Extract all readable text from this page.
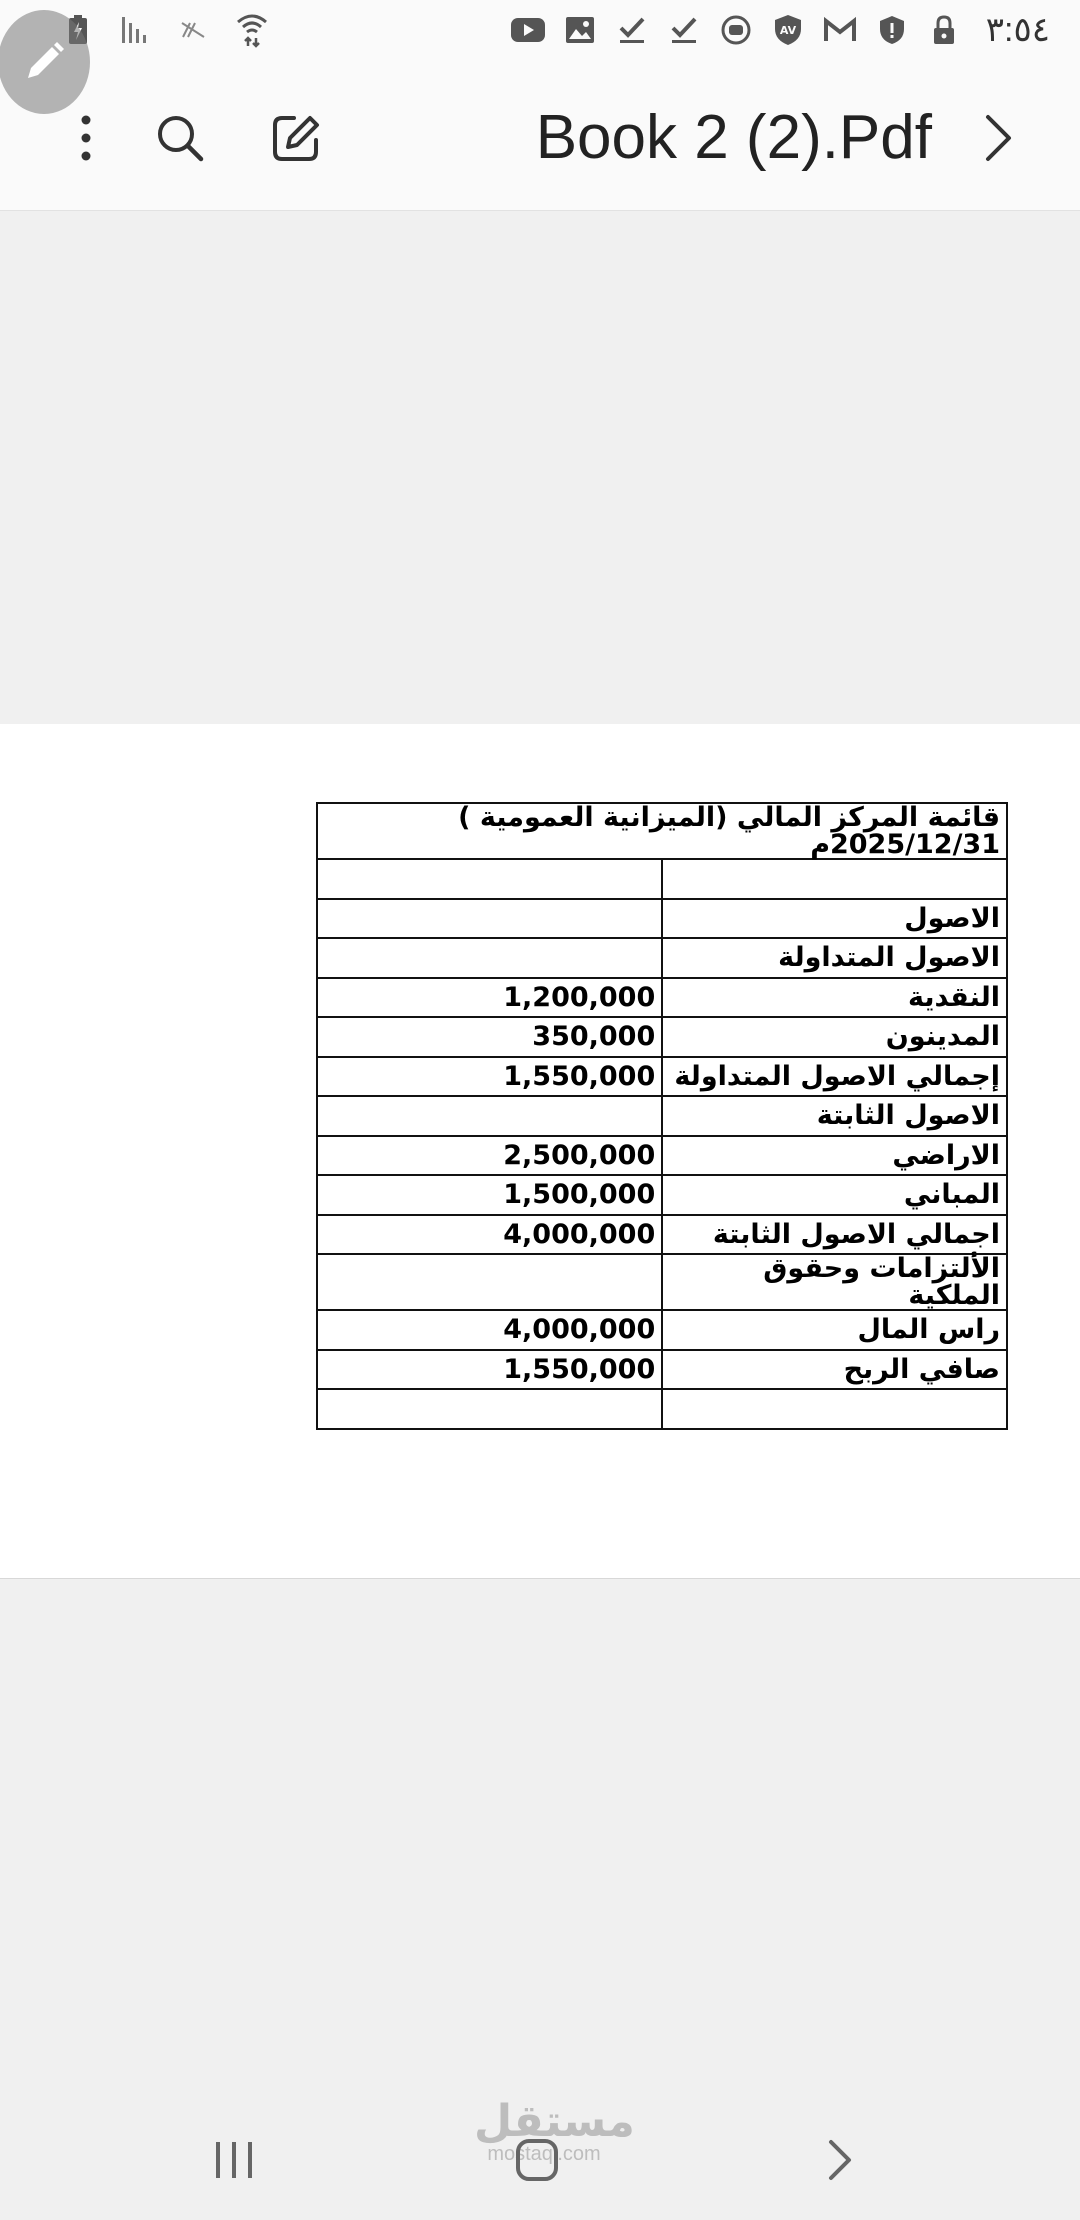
AV	٣:٥٤
Book 2 (2).Pdf
قائمة المركز المالي (الميزانية العمومية ) 2025/12/31م	

	الاصول
	الاصول المتداولة
1,200,000	النقدية
350,000	المدينون
1,550,000	إجمالي الاصول المتداولة
	الاصول الثابتة
2,500,000	الاراضي
1,500,000	المباني
4,000,000	اجمالي الاصول الثابتة
	الألتزامات وحقوق الملكية
4,000,000	راس المال
1,550,000	صافي الربح

مستقل
mostaql.com
